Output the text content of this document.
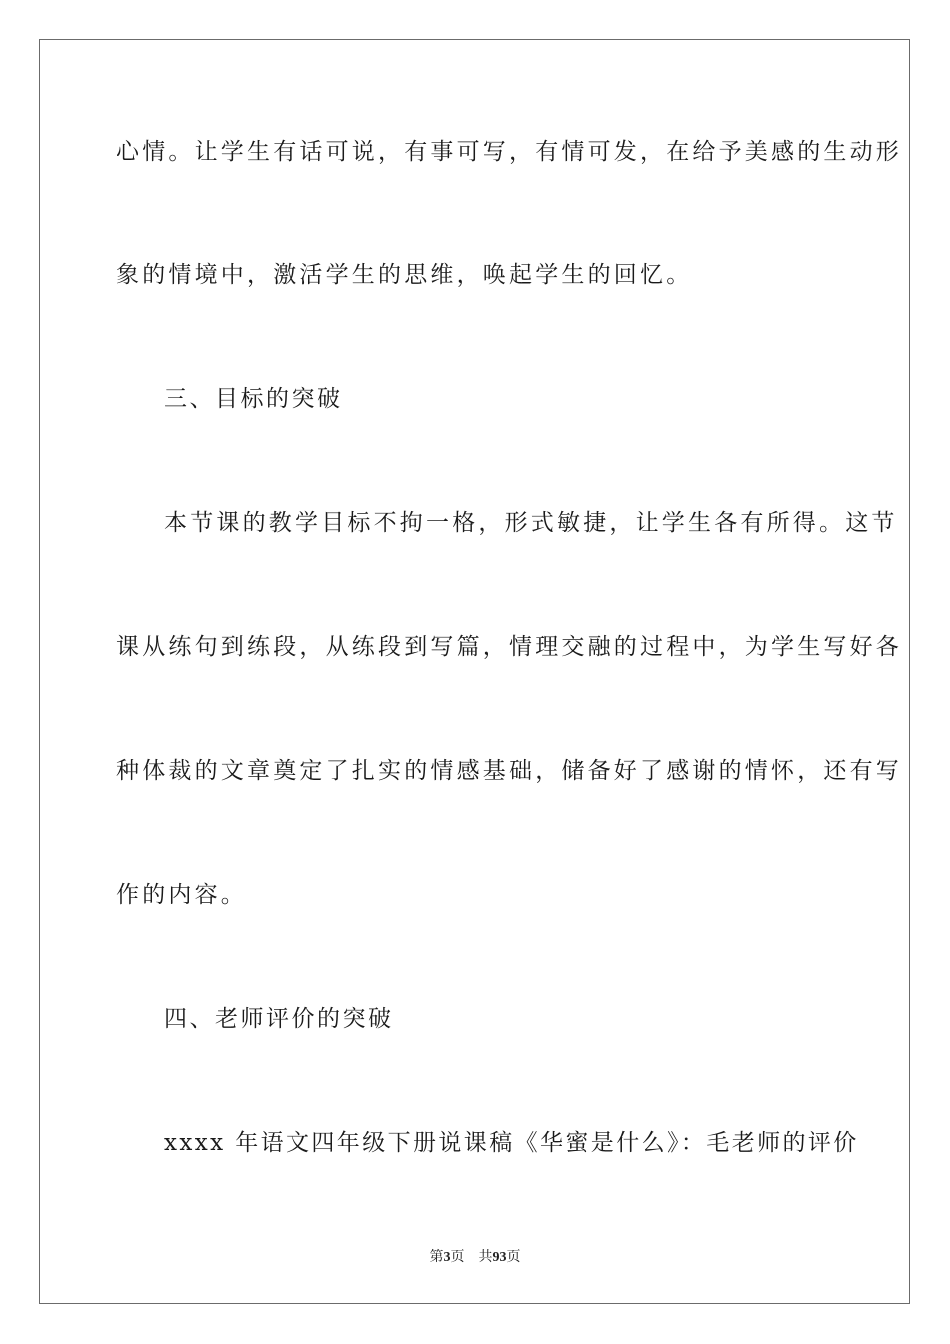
心情。让学生有话可说，有事可写，有情可发，在给予美感的生动形
象的情境中，激活学生的思维，唤起学生的回忆。
三、目标的突破
本节课的教学目标不拘一格，形式敏捷，让学生各有所得。这节
课从练句到练段，从练段到写篇，情理交融的过程中，为学生写好各
种体裁的文章奠定了扎实的情感基础，储备好了感谢的情怀，还有写
作的内容。
四、老师评价的突破
xxxx 年语文四年级下册说课稿《华蜜是什么》：毛老师的评价
第3页 共93页
